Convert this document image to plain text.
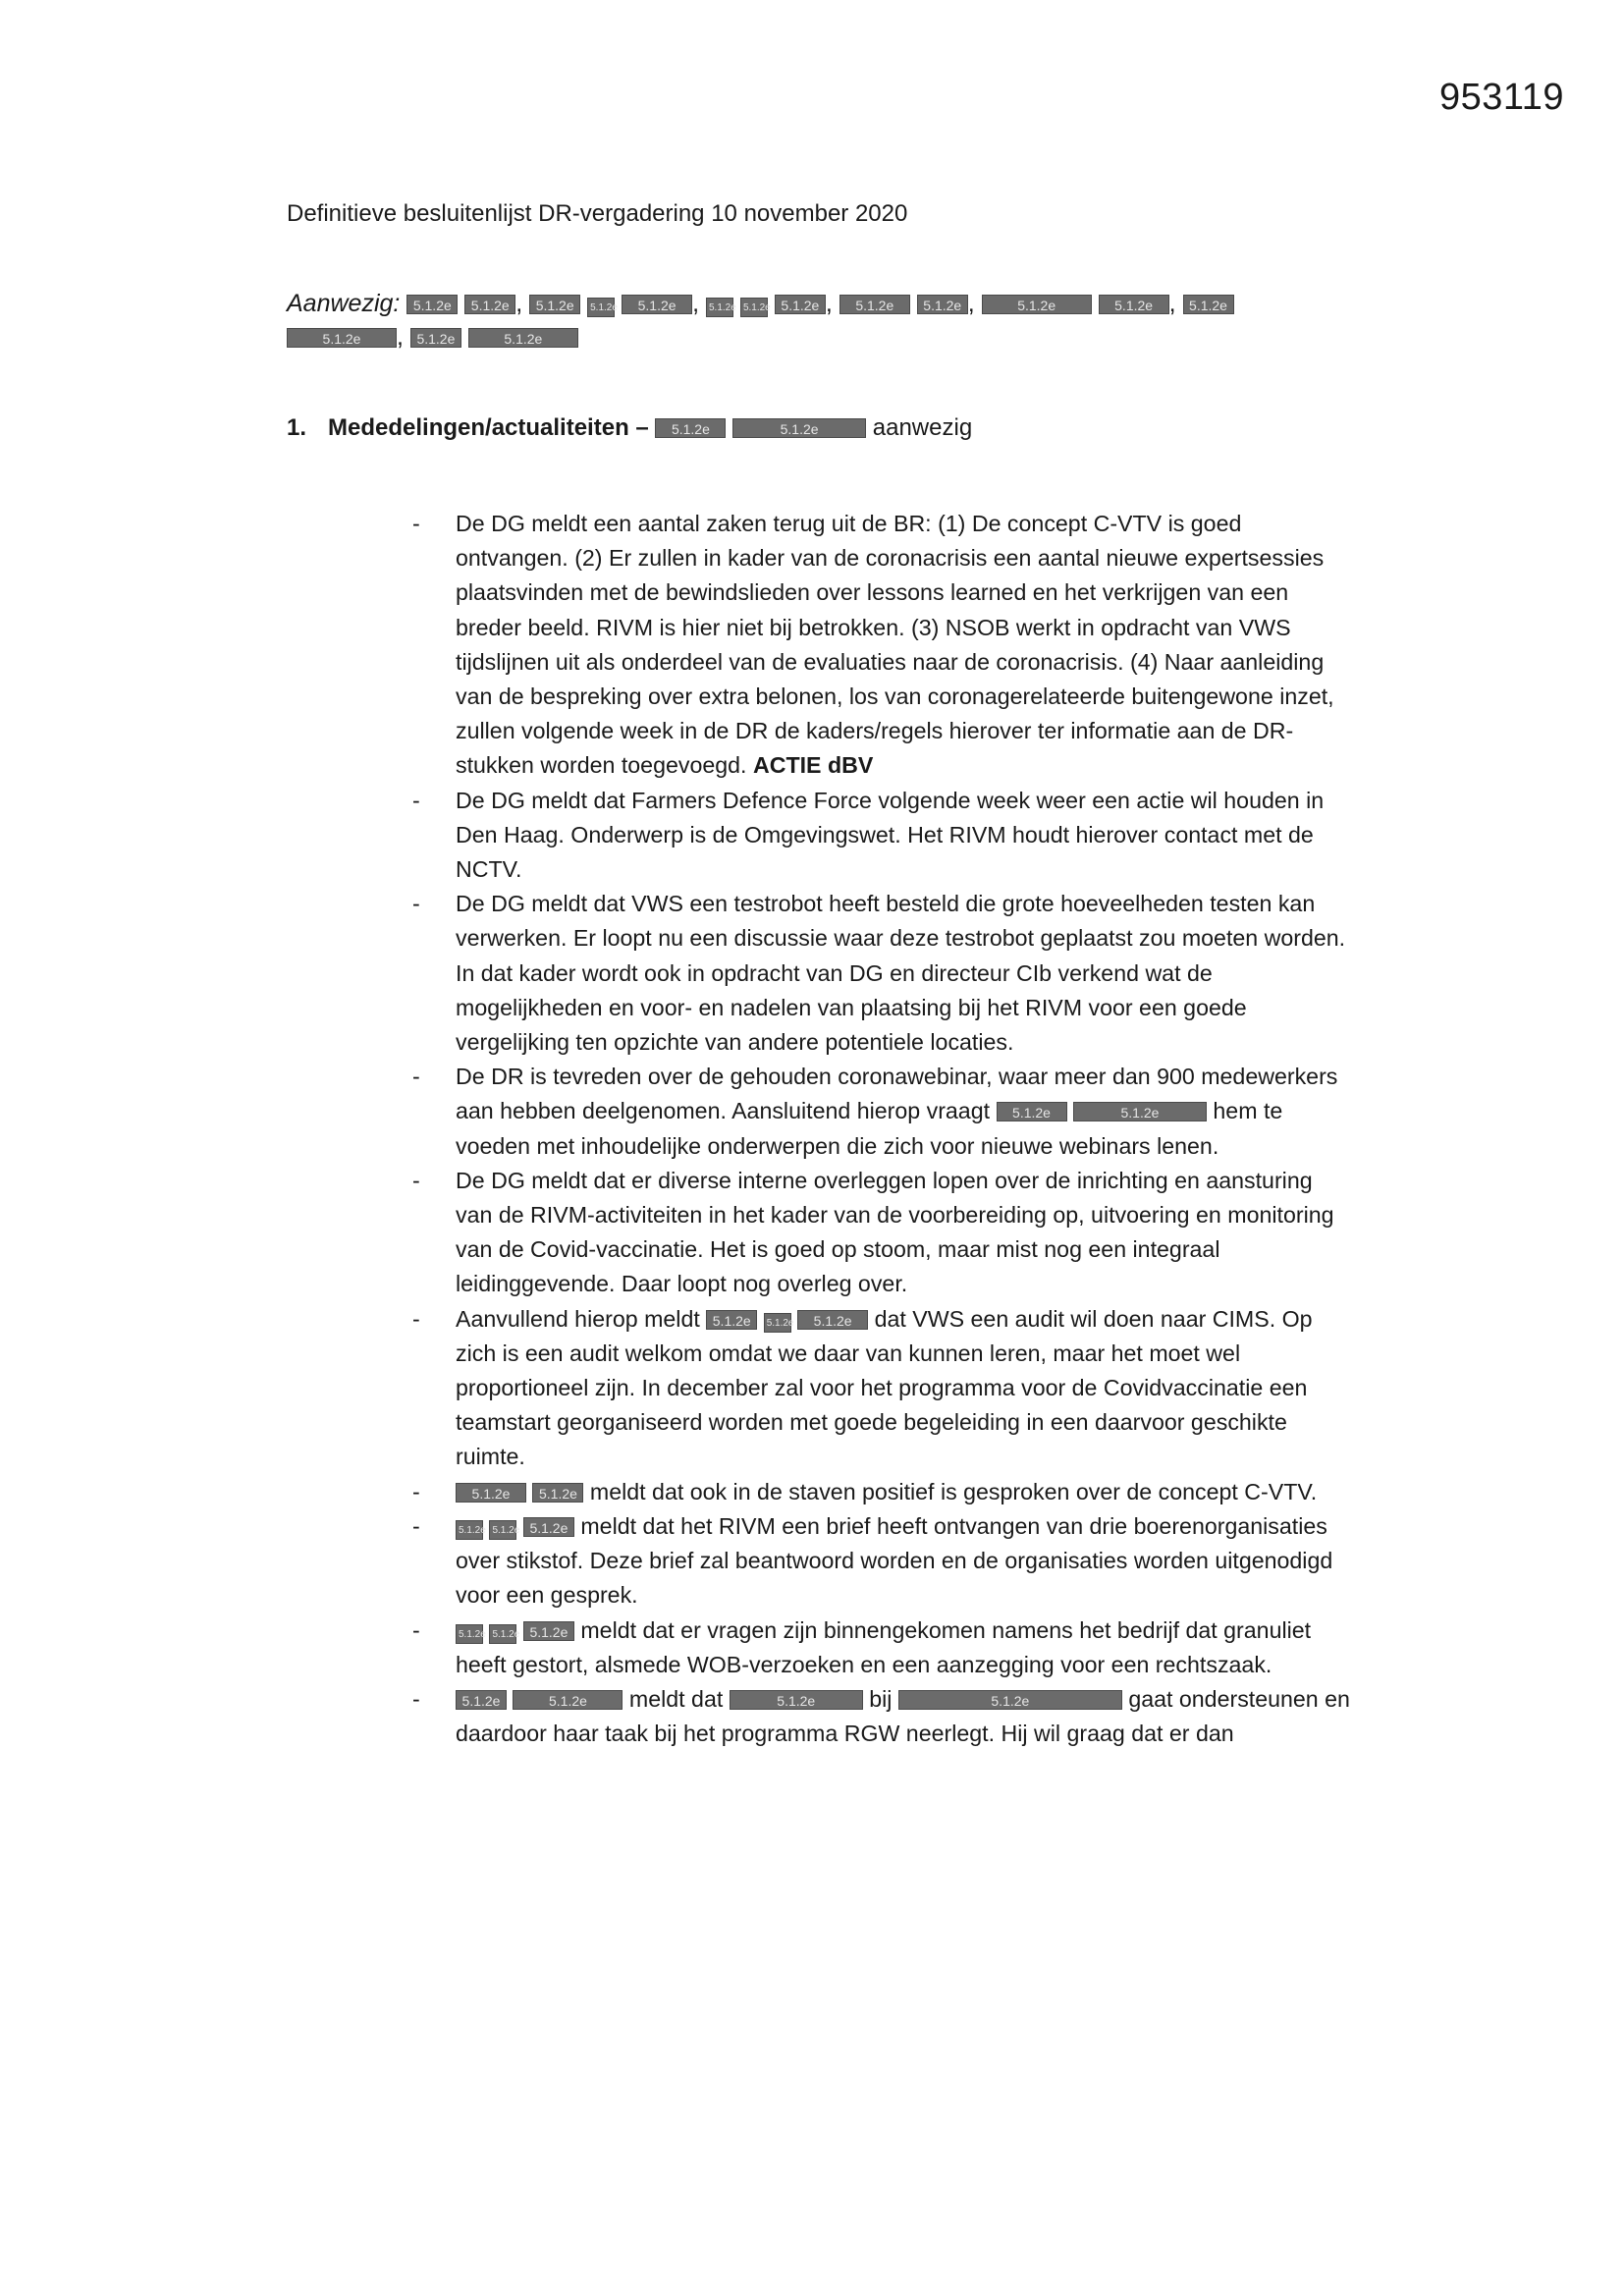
953119
Definitieve besluitenlijst DR-vergadering 10 november 2020
Aanwezig: 5.1.2e 5.1.2e , 5.1.2e 5.1.2e 5.1.2e , 5.1.2e 5.1.2e 5.1.2e , 5.1.2e 5.1.2e ,	5.1.2e	5.1.2e , 5.1.2e
5.1.2e , 5.1.2e	5.1.2e
1. Mededelingen/actualiteiten – 5.1.2e	5.1.2e aanwezig
- De DG meldt een aantal zaken terug uit de BR: (1) De concept C-VTV is goed ontvangen. (2) Er zullen in kader van de coronacrisis een aantal nieuwe expertsessies plaatsvinden met de bewindslieden over lessons learned en het verkrijgen van een breder beeld. RIVM is hier niet bij betrokken. (3) NSOB werkt in opdracht van VWS tijdslijnen uit als onderdeel van de evaluaties naar de coronacrisis. (4) Naar aanleiding van de bespreking over extra belonen, los van coronagerelateerde buitengewone inzet, zullen volgende week in de DR de kaders/regels hierover ter informatie aan de DR-stukken worden toegevoegd. ACTIE dBV
- De DG meldt dat Farmers Defence Force volgende week weer een actie wil houden in Den Haag. Onderwerp is de Omgevingswet. Het RIVM houdt hierover contact met de NCTV.
- De DG meldt dat VWS een testrobot heeft besteld die grote hoeveelheden testen kan verwerken. Er loopt nu een discussie waar deze testrobot geplaatst zou moeten worden. In dat kader wordt ook in opdracht van DG en directeur CIb verkend wat de mogelijkheden en voor- en nadelen van plaatsing bij het RIVM voor een goede vergelijking ten opzichte van andere potentiele locaties.
- De DR is tevreden over de gehouden coronawebinar, waar meer dan 900 medewerkers aan hebben deelgenomen. Aansluitend hierop vraagt 5.1.2e	5.1.2e hem te voeden met inhoudelijke onderwerpen die zich voor nieuwe webinars lenen.
- De DG meldt dat er diverse interne overleggen lopen over de inrichting en aansturing van de RIVM-activiteiten in het kader van de voorbereiding op, uitvoering en monitoring van de Covid-vaccinatie. Het is goed op stoom, maar mist nog een integraal leidinggevende. Daar loopt nog overleg over.
- Aanvullend hierop meldt 5.1.2e 5.1.2e 5.1.2e dat VWS een audit wil doen naar CIMS. Op zich is een audit welkom omdat we daar van kunnen leren, maar het moet wel proportioneel zijn. In december zal voor het programma voor de Covidvaccinatie een teamstart georganiseerd worden met goede begeleiding in een daarvoor geschikte ruimte.
-	5.1.2e 5.1.2e meldt dat ook in de staven positief is gesproken over de concept C-VTV.
-	5.1.2e 5.1.2e 5.1.2e meldt dat het RIVM een brief heeft ontvangen van drie boerenorganisaties over stikstof. Deze brief zal beantwoord worden en de organisaties worden uitgenodigd voor een gesprek.
-	5.1.2e 5.1.2e 5.1.2e meldt dat er vragen zijn binnengekomen namens het bedrijf dat granuliet heeft gestort, alsmede WOB-verzoeken en een aanzegging voor een rechtszaak.
-	5.1.2e	5.1.2e meldt dat	5.1.2e bij	5.1.2e	gaat ondersteunen en daardoor haar taak bij het programma RGW neerlegt. Hij wil graag dat er dan
